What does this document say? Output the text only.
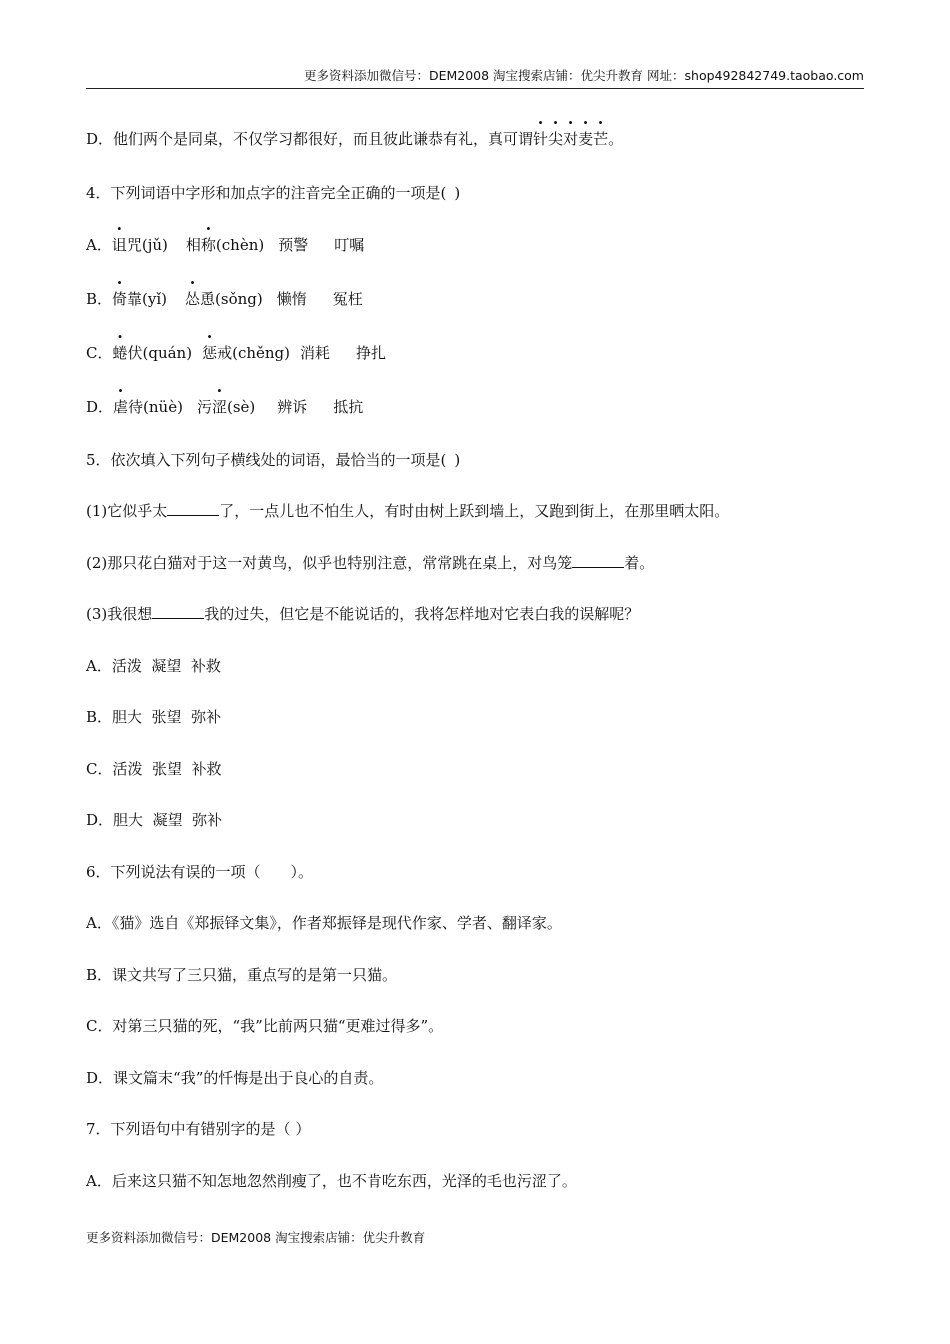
更多资料添加微信号：DEM2008 淘宝搜索店铺：优尖升教育 网址：shop492842749.taobao.com
D．他们两个是同桌，不仅学习都很好，而且彼此谦恭有礼，真可谓针尖对麦芒。
4．下列词语中字形和加点字的注音完全正确的一项是( )
A．诅咒(jǔ) 相称(chèn) 预警 叮嘱
B．倚靠(yǐ) 怂恿(sǒng) 懒惰 冤枉
C．蜷伏(quán) 惩戒(chěng) 消耗 挣扎
D．虐待(nüè) 污涩(sè) 辨诉 抵抗
5．依次填入下列句子横线处的词语，最恰当的一项是( )
(1)它似乎太	了，一点儿也不怕生人，有时由树上跃到墙上，又跑到街上，在那里晒太阳。
(2)那只花白猫对于这一对黄鸟，似乎也特别注意，常常跳在桌上，对鸟笼	着。
(3)我很想	我的过失，但它是不能说话的，我将怎样地对它表白我的误解呢？
A．活泼  凝望  补救
B．胆大  张望  弥补
C．活泼  张望  补救
D．胆大  凝望  弥补
6．下列说法有误的一项（　　）。
A．《猫》选自《郑振铎文集》，作者郑振铎是现代作家、学者、翻译家。
B．课文共写了三只猫，重点写的是第一只猫。
C．对第三只猫的死，“我”比前两只猫“更难过得多”。
D．课文篇末“我”的忏悔是出于良心的自责。
7．下列语句中有错别字的是（ ）
A．后来这只猫不知怎地忽然削瘦了，也不肯吃东西，光泽的毛也污涩了。
更多资料添加微信号：DEM2008 淘宝搜索店铺：优尖升教育
